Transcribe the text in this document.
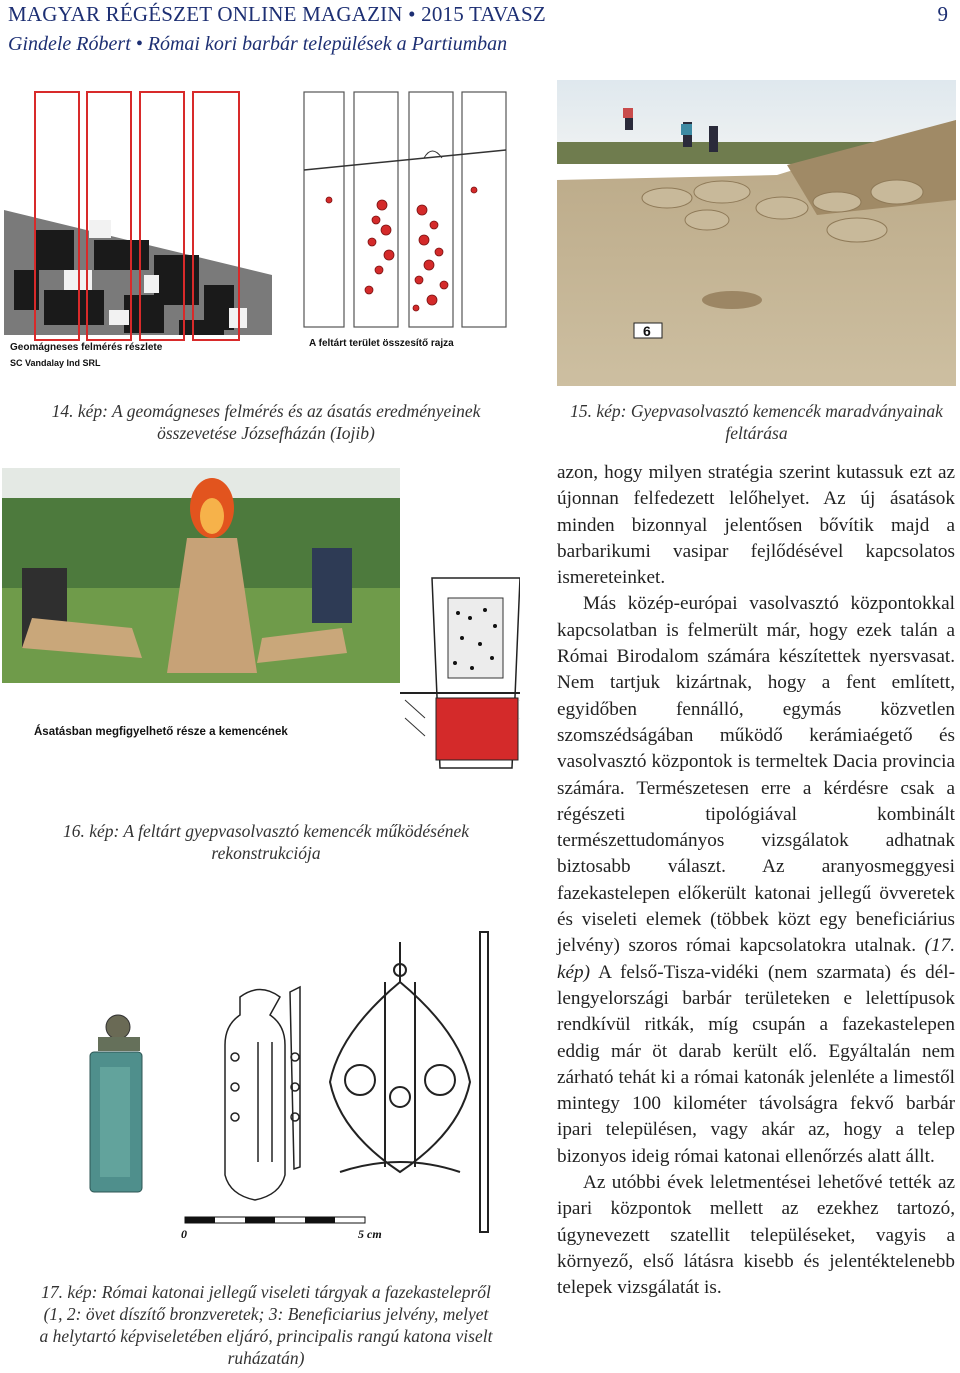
MAGYAR RÉGÉSZET ONLINE MAGAZIN • 2015 TAVASZ	9
Gindele Róbert • Római kori barbár települések a Partiumban
Geomágneses felmérés részlete
SC Vandalay Ind SRL
A feltárt terület összesítő rajza
14. kép: A geomágneses felmérés és az ásatás eredményeinek
összevetése Józsefházán (Iojib)
6
15. kép: Gyepvasolvasztó kemencék maradványainak
feltárása
Ásatásban megfigyelhető része a kemencének
16. kép: A feltárt gyepvasolvasztó kemencék működésének
rekonstrukciója
0	5 cm
17. kép: Római katonai jellegű viseleti tárgyak a fazekastelepről
(1, 2: övet díszítő bronzveretek; 3: Beneficiarius jelvény, melyet
a helytartó képviseletében eljáró, principalis rangú katona viselt
ruházatán)

azon, hogy milyen stratégia szerint kutassuk ezt az újonnan felfedezett lelőhelyet. Az új ásatások minden bizonnyal jelentősen bővítik majd a barbarikumi vasipar fejlődésével kapcsolatos ismereteinket.

Más közép-európai vasolvasztó központokkal kapcsolatban is felmerült már, hogy ezek talán a Római Birodalom számára készítettek nyersvasat. Nem tartjuk kizártnak, hogy a fent említett, egyidőben fennálló, egymás közvetlen szomszédságában működő kerámiaégető és vasolvasztó központok is termeltek Dacia provincia számára. Természetesen erre a kérdésre csak a régészeti tipológiával kombinált természettudományos vizsgálatok adhatnak biztosabb választ. Az aranyosmeggyesi fazekastelepen előkerült katonai jellegű övveretek és viseleti elemek (többek közt egy beneficiárius jelvény) szoros római kapcsolatokra utalnak. (17. kép) A felső-Tisza-vidéki (nem szarmata) és dél-lengyelországi barbár területeken e lelettípusok rendkívül ritkák, míg csupán a fazekastelepen eddig már öt darab került elő. Egyáltalán nem zárható tehát ki a római katonák jelenléte a limestől mintegy 100 kilométer távolságra fekvő barbár ipari településen, vagy akár az, hogy a telep bizonyos ideig római katonai ellenőrzés alatt állt.

Az utóbbi évek leletmentései lehetővé tették az ipari központok mellett az ezekhez tartozó, úgynevezett szatellit településeket, vagyis a környező, első látásra kisebb és jelentéktelenebb telepek vizsgálatát is.
